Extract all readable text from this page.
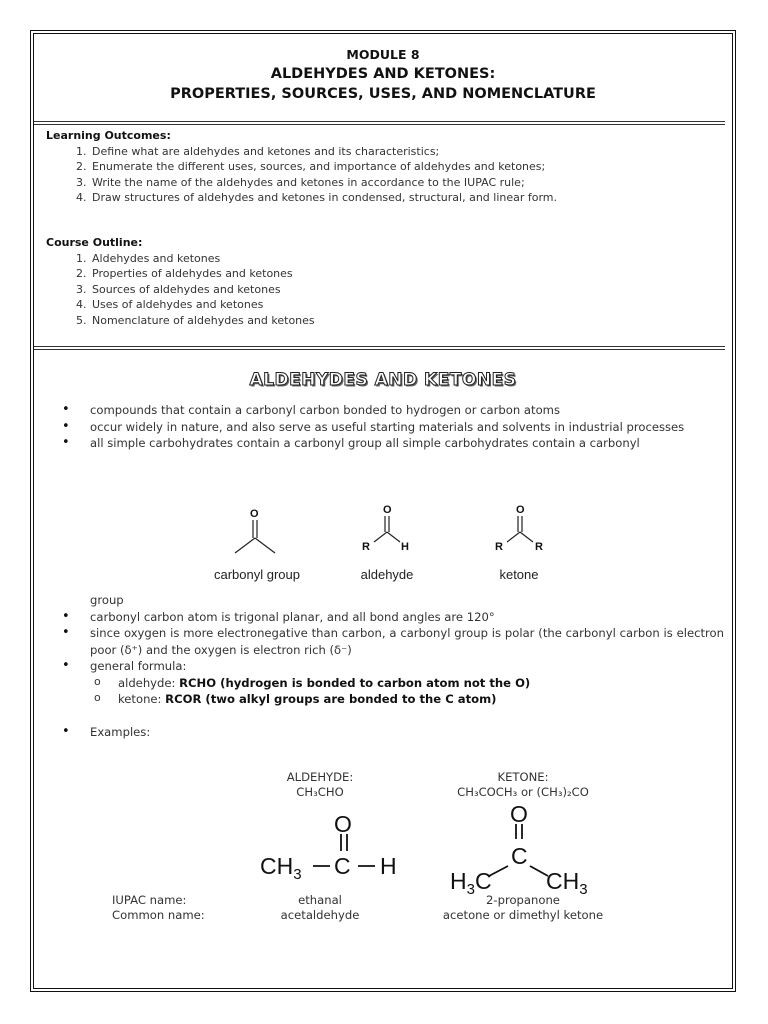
MODULE 8
ALDEHYDES AND KETONES:
PROPERTIES, SOURCES, USES, AND NOMENCLATURE
Learning Outcomes:
1. Define what are aldehydes and ketones and its characteristics;
2. Enumerate the different uses, sources, and importance of aldehydes and ketones;
3. Write the name of the aldehydes and ketones in accordance to the IUPAC rule;
4. Draw structures of aldehydes and ketones in condensed, structural, and linear form.
Course Outline:
1. Aldehydes and ketones
2. Properties of aldehydes and ketones
3. Sources of aldehydes and ketones
4. Uses of aldehydes and ketones
5. Nomenclature of aldehydes and ketones
ALDEHYDES AND KETONES
• compounds that contain a carbonyl carbon bonded to hydrogen or carbon atoms
• occur widely in nature, and also serve as useful starting materials and solvents in industrial processes
• all simple carbohydrates contain a carbonyl group all simple carbohydrates contain a carbonyl
O	O
R	H
O
R	R
carbonyl group	aldehyde	ketone
group
• carbonyl carbon atom is trigonal planar, and all bond angles are 120°
• since oxygen is more electronegative than carbon, a carbonyl group is polar (the carbonyl carbon is electron poor (δ⁺) and the oxygen is electron rich (δ⁻)
• general formula:
o aldehyde: RCHO (hydrogen is bonded to carbon atom not the O)
o ketone: RCOR (two alkyl groups are bonded to the C atom)
• Examples:
ALDEHYDE:
CH₃CHO
KETONE:
CH₃COCH₃ or (CH₃)₂CO
O
$CH_3$ C H
O
C
$H_3C$ $CH_3$
IUPAC name:
Common name:
ethanal
acetaldehyde
2-propanone
acetone or dimethyl ketone
